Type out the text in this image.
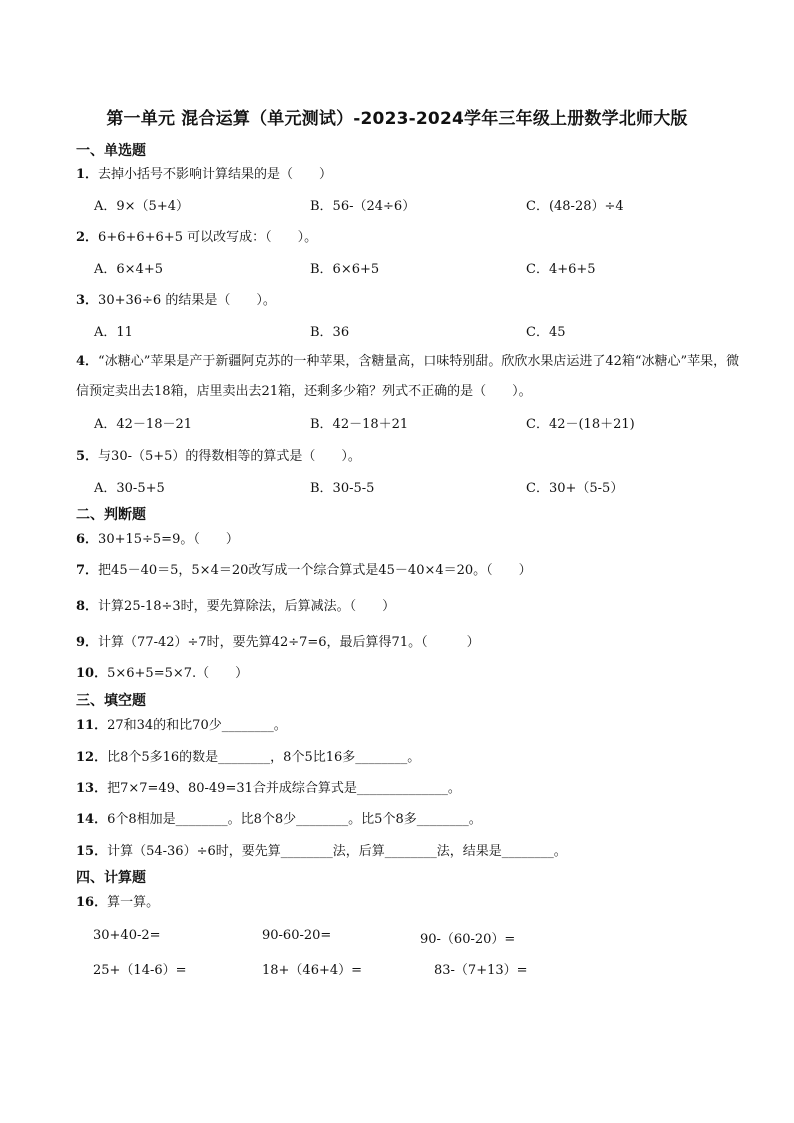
第一单元 混合运算（单元测试）-2023-2024学年三年级上册数学北师大版
一、单选题
1．去掉小括号不影响计算结果的是（　　）
A．9×（5+4）	B．56-（24÷6）	C．(48-28）÷4
2．6+6+6+6+5 可以改写成：（　　）。
A．6×4+5	B．6×6+5	C．4+6+5
3．30+36÷6 的结果是（　　）。
A．11	B．36	C．45
4．“冰糖心”苹果是产于新疆阿克苏的一种苹果，含糖量高，口味特别甜。欣欣水果店运进了42箱“冰糖心”苹果，微信预定卖出去18箱，店里卖出去21箱，还剩多少箱？列式不正确的是（　　）。
A．42－18－21	B．42－18＋21	C．42－(18＋21)
5．与30-（5+5）的得数相等的算式是（　　）。
A．30-5+5	B．30-5-5	C．30+（5-5）
二、判断题
6．30+15÷5=9。（　　）
7．把45－40＝5，5×4＝20改写成一个综合算式是45－40×4＝20。（　　）
8．计算25-18÷3时，要先算除法，后算减法。（　　）
9．计算（77-42）÷7时，要先算42÷7=6，最后算得71。（　　　）
10．5×6+5=5×7.（　　）
三、填空题
11．27和34的和比70少________。
12．比8个5多16的数是________，8个5比16多________。
13．把7×7=49、80-49=31合并成综合算式是______________。
14．6个8相加是________。比8个8少________。比5个8多________。
15．计算（54-36）÷6时，要先算________法，后算________法，结果是________。
四、计算题
16．算一算。
30+40-2=	90-60-20=	90-（60-20）=
25+（14-6）=	18+（46+4）=	83-（7+13）=
